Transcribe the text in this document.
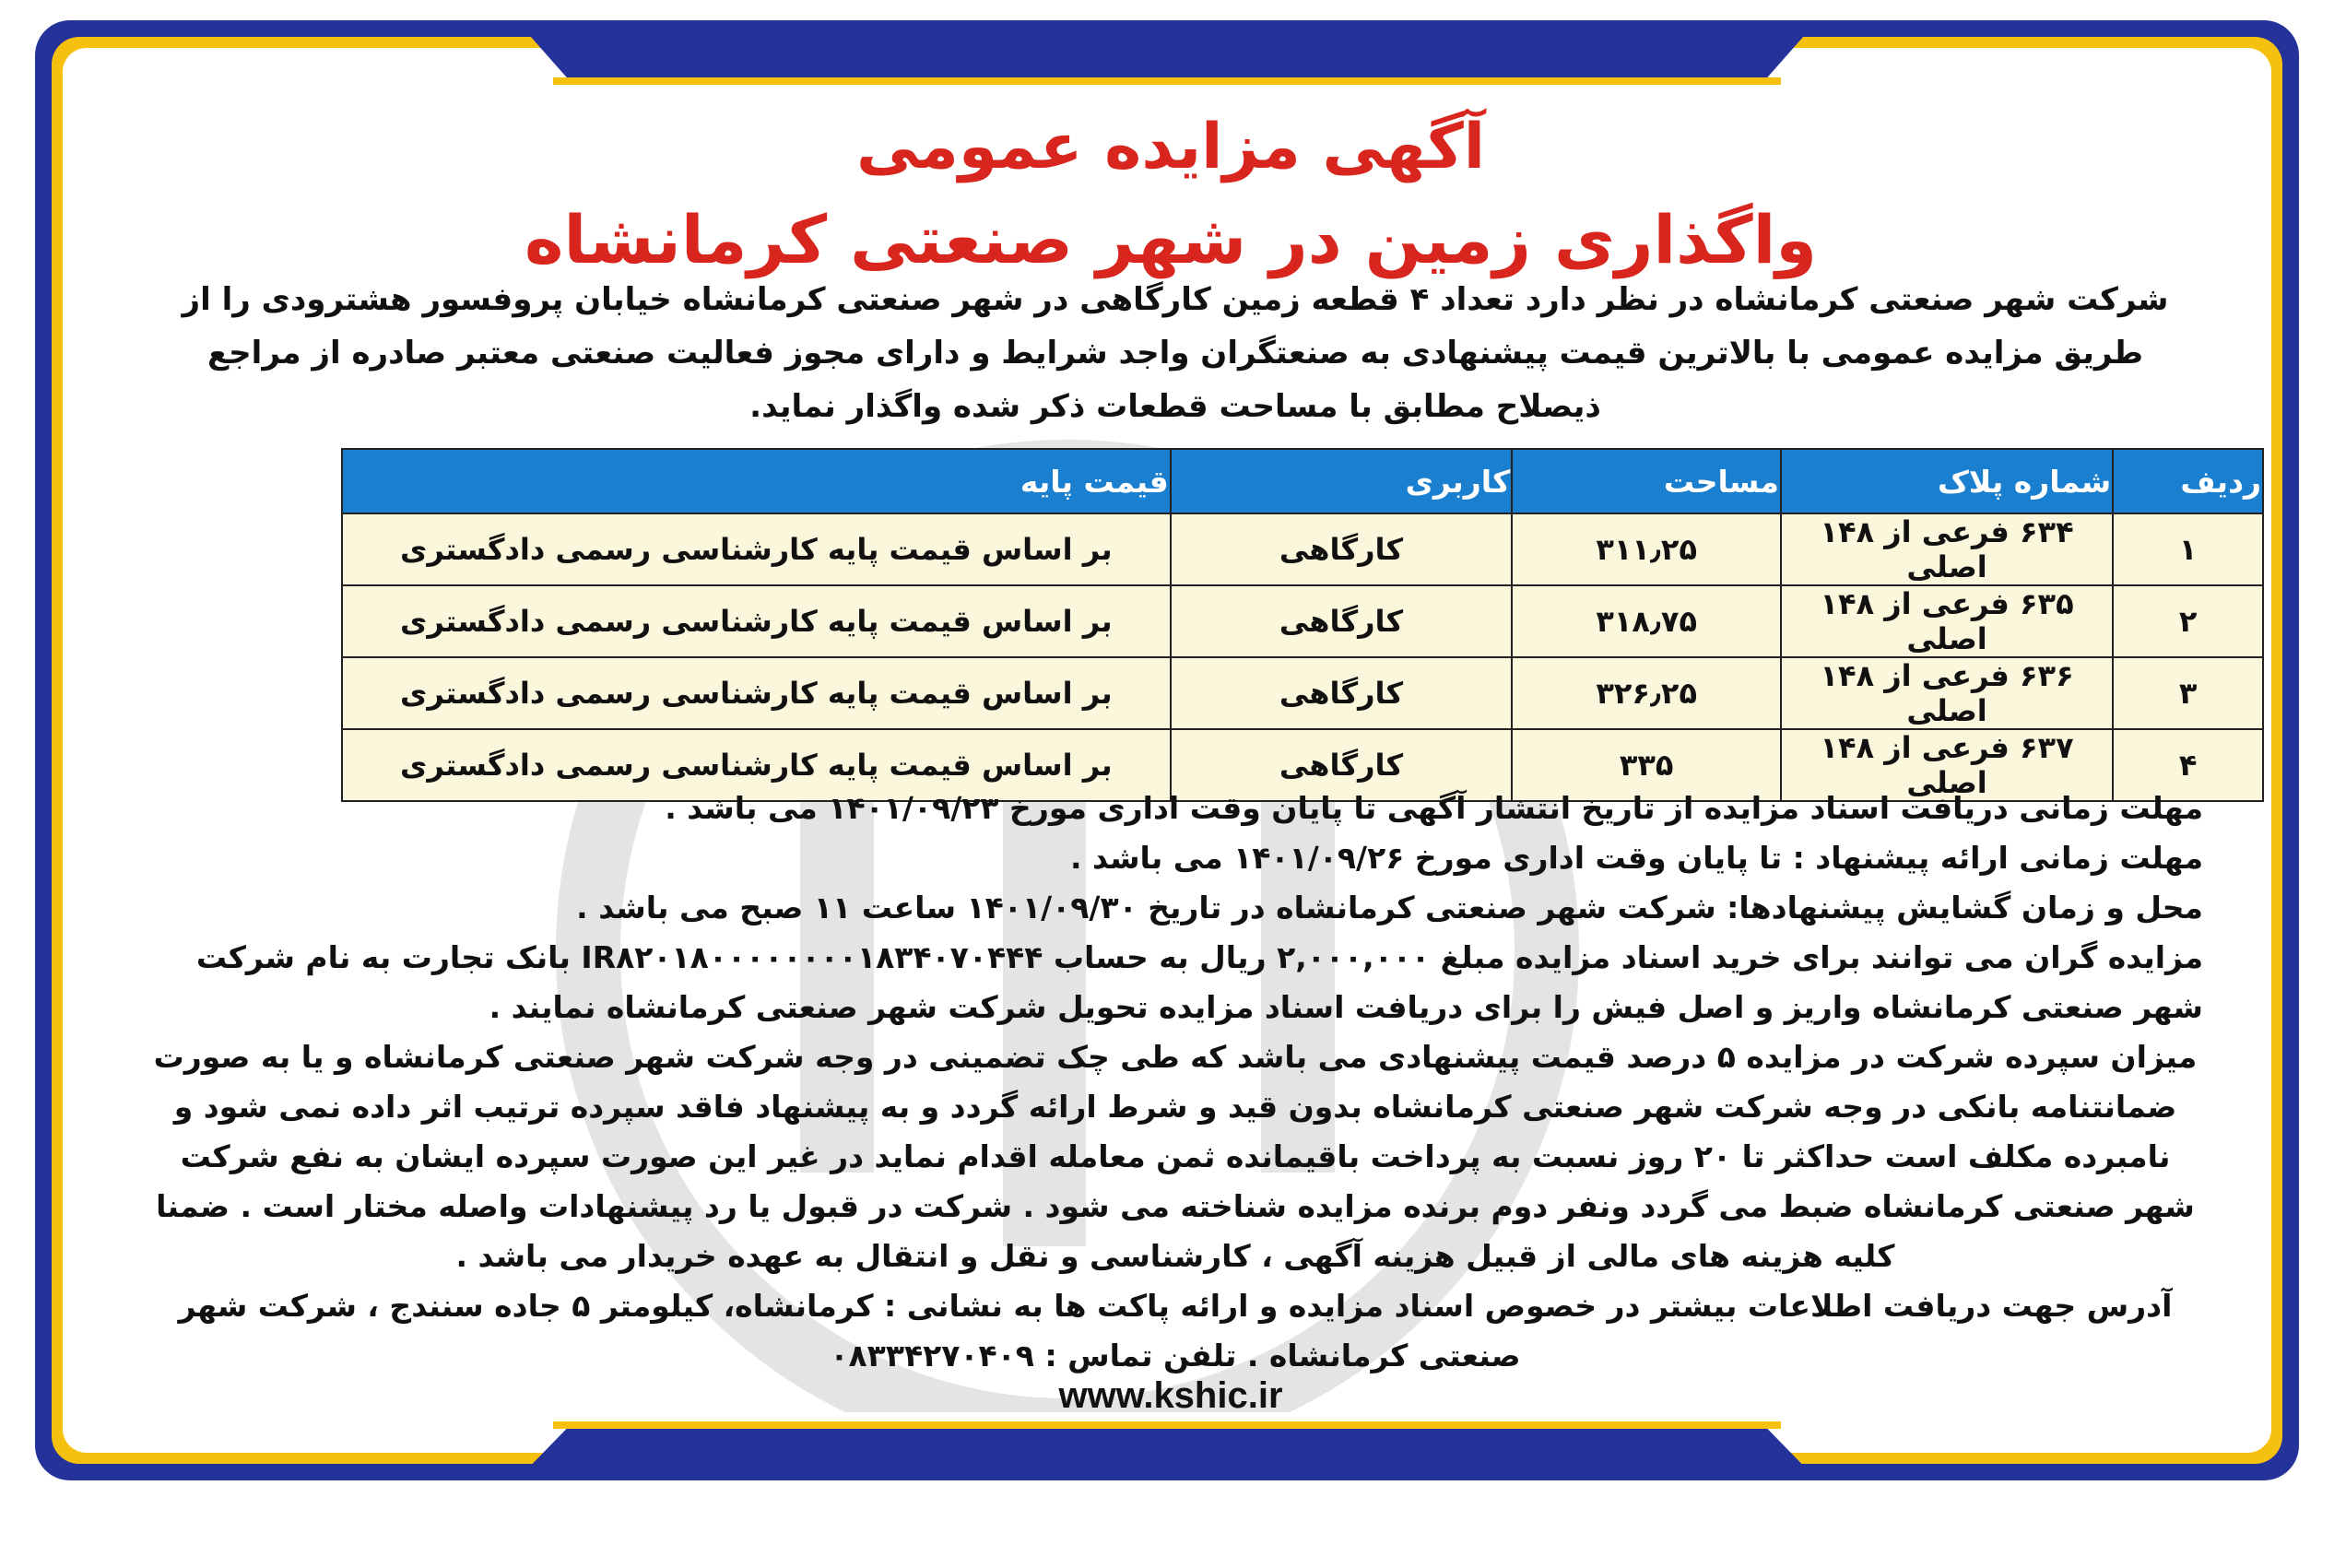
آگهی مزایده عمومی
واگذاری زمین در شهر صنعتی کرمانشاه
شرکت شهر صنعتی کرمانشاه در نظر دارد تعداد ۴ قطعه زمین کارگاهی در شهر صنعتی کرمانشاه خیابان پروفسور هشترودی را از طریق مزایده عمومی با بالاترین قیمت پیشنهادی به صنعتگران واجد شرایط و دارای مجوز فعالیت صنعتی معتبر صادره از مراجع ذیصلاح مطابق با مساحت قطعات ذکر شده واگذار نماید.
ردیف	شماره پلاک	مساحت	کاربری	قیمت پایه
۱	۶۳۴ فرعی از ۱۴۸ اصلی	۳۱۱٫۲۵	کارگاهی	بر اساس قیمت پایه کارشناسی رسمی دادگستری
۲	۶۳۵ فرعی از ۱۴۸ اصلی	۳۱۸٫۷۵	کارگاهی	بر اساس قیمت پایه کارشناسی رسمی دادگستری
۳	۶۳۶ فرعی از ۱۴۸ اصلی	۳۲۶٫۲۵	کارگاهی	بر اساس قیمت پایه کارشناسی رسمی دادگستری
۴	۶۳۷ فرعی از ۱۴۸ اصلی	۳۳۵	کارگاهی	بر اساس قیمت پایه کارشناسی رسمی دادگستری

مهلت زمانی دریافت اسناد مزایده از تاریخ انتشار آگهی تا پایان وقت اداری مورخ ۱۴۰۱/۰۹/۲۳ می باشد .

مهلت زمانی ارائه پیشنهاد : تا پایان وقت اداری مورخ ۱۴۰۱/۰۹/۲۶ می باشد .

محل و زمان گشایش پیشنهادها: شرکت شهر صنعتی کرمانشاه در تاریخ ۱۴۰۱/۰۹/۳۰ ساعت ۱۱ صبح می باشد .

مزایده گران می توانند برای خرید اسناد مزایده مبلغ ۲,۰۰۰,۰۰۰ ریال به حساب IR۸۲۰۱۸۰۰۰۰۰۰۰۰۱۸۳۴۰۷۰۴۴۴ بانک تجارت به نام شرکت شهر صنعتی کرمانشاه واریز و اصل فیش را برای دریافت اسناد مزایده تحویل شرکت شهر صنعتی کرمانشاه نمایند .

میزان سپرده شرکت در مزایده ۵ درصد قیمت پیشنهادی می باشد که طی چک تضمینی در وجه شرکت شهر صنعتی کرمانشاه و یا به صورت ضمانتنامه بانکی در وجه شرکت شهر صنعتی کرمانشاه بدون قید و شرط ارائه گردد و به پیشنهاد فاقد سپرده ترتیب اثر داده نمی شود و نامبرده مکلف است حداکثر تا ۲۰ روز نسبت به پرداخت باقیمانده ثمن معامله اقدام نماید در غیر این صورت سپرده ایشان به نفع شرکت شهر صنعتی کرمانشاه ضبط می گردد ونفر دوم برنده مزایده شناخته می شود . شرکت در قبول یا رد پیشنهادات واصله مختار است . ضمنا کلیه هزینه های مالی از قبیل هزینه آگهی ، کارشناسی و نقل و انتقال به عهده خریدار می باشد .

آدرس جهت دریافت اطلاعات بیشتر در خصوص اسناد مزایده و ارائه پاکت ها به نشانی : کرمانشاه، کیلومتر ۵ جاده سنندج ، شرکت شهر صنعتی کرمانشاه . تلفن تماس : ۰۸۳۳۴۲۷۰۴۰۹

www.kshic.ir
